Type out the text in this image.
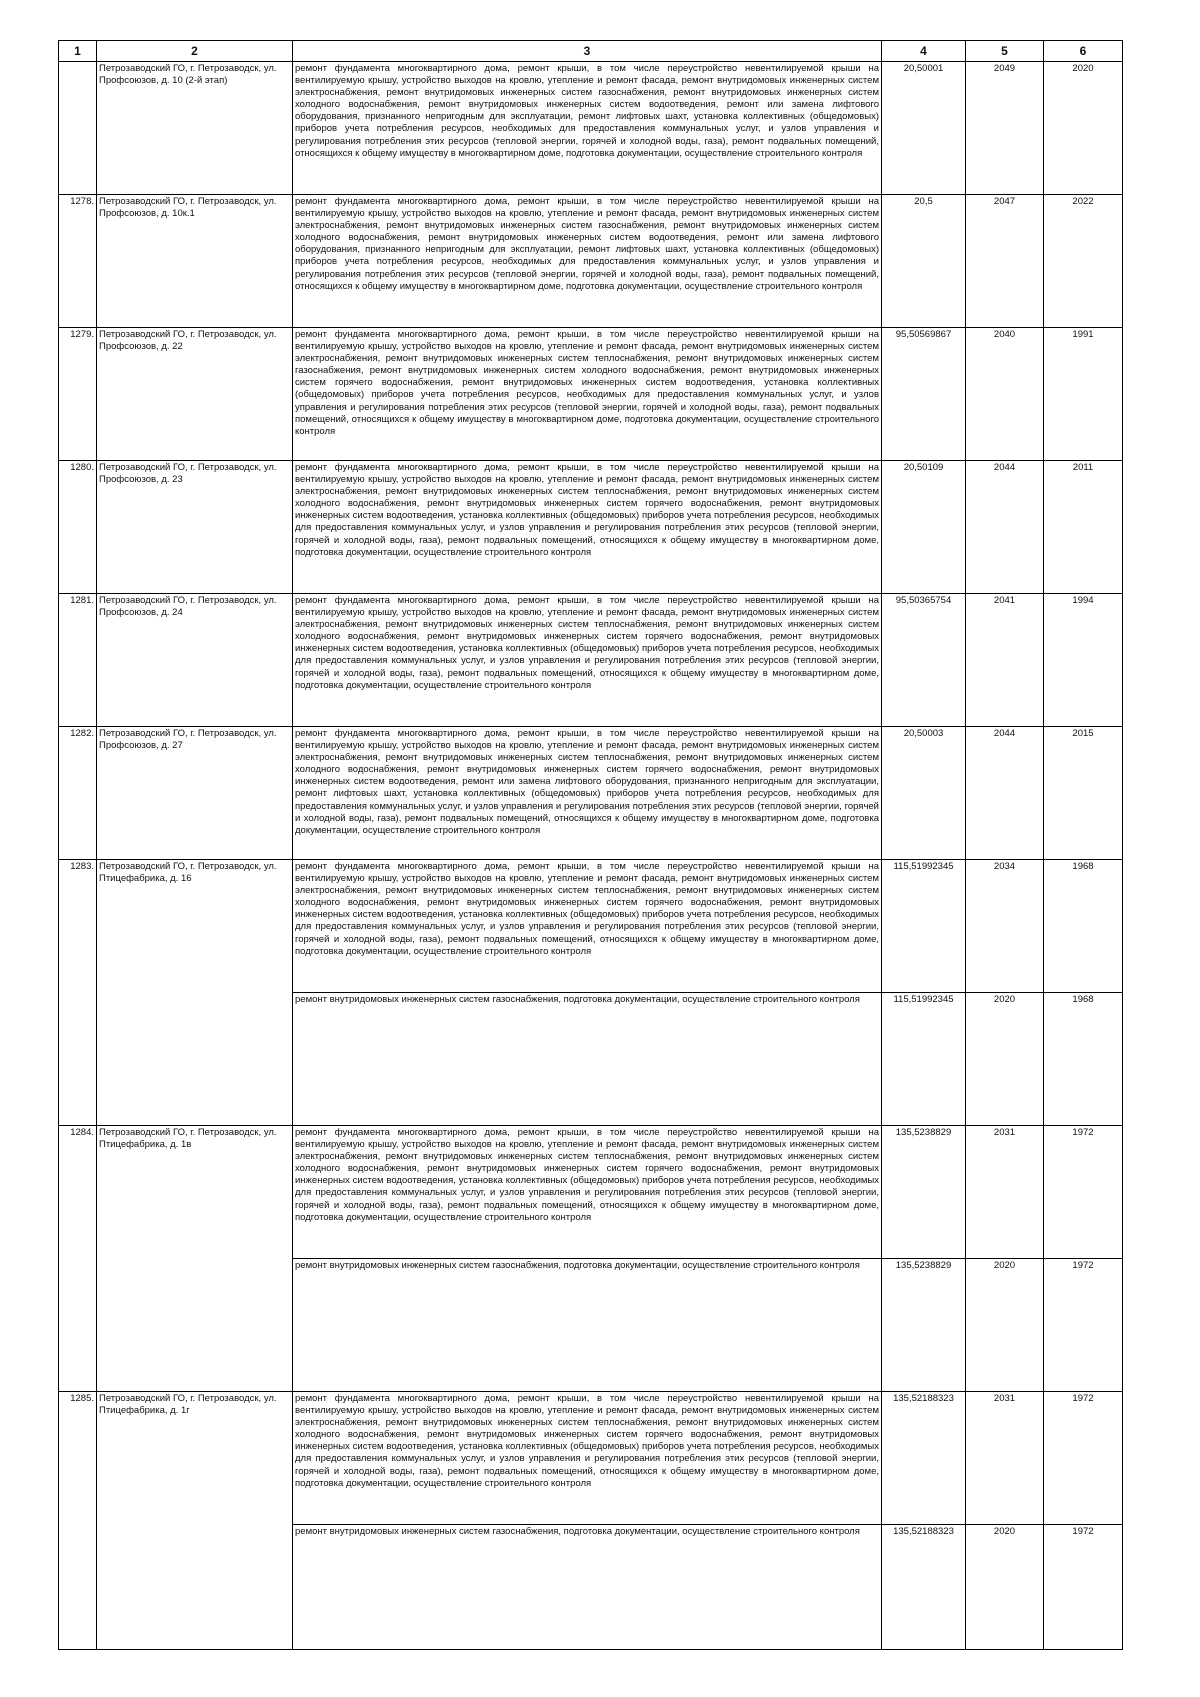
1	2	3	4	5	6
	Петрозаводский ГО, г. Петрозаводск, ул. Профсоюзов, д. 10 (2-й этап)	ремонт фундамента многоквартирного дома, ремонт крыши, в том числе переустройство невентилируемой крыши на вентилируемую крышу, устройство выходов на кровлю, утепление и ремонт фасада, ремонт внутридомовых инженерных систем электроснабжения, ремонт внутридомовых инженерных систем газоснабжения, ремонт внутридомовых инженерных систем холодного водоснабжения, ремонт внутридомовых инженерных систем водоотведения, ремонт или замена лифтового оборудования, признанного непригодным для эксплуатации, ремонт лифтовых шахт, установка коллективных (общедомовых) приборов учета потребления ресурсов, необходимых для предоставления коммунальных услуг, и узлов управления и регулирования потребления этих ресурсов (тепловой энергии, горячей и холодной воды, газа), ремонт подвальных помещений, относящихся к общему имуществу в многоквартирном доме, подготовка документации, осуществление строительного контроля	20,50001	2049	2020
1278.	Петрозаводский ГО, г. Петрозаводск, ул. Профсоюзов, д. 10к.1	ремонт фундамента многоквартирного дома, ремонт крыши, в том числе переустройство невентилируемой крыши на вентилируемую крышу, устройство выходов на кровлю, утепление и ремонт фасада, ремонт внутридомовых инженерных систем электроснабжения, ремонт внутридомовых инженерных систем газоснабжения, ремонт внутридомовых инженерных систем холодного водоснабжения, ремонт внутридомовых инженерных систем водоотведения, ремонт или замена лифтового оборудования, признанного непригодным для эксплуатации, ремонт лифтовых шахт, установка коллективных (общедомовых) приборов учета потребления ресурсов, необходимых для предоставления коммунальных услуг, и узлов управления и регулирования потребления этих ресурсов (тепловой энергии, горячей и холодной воды, газа), ремонт подвальных помещений, относящихся к общему имуществу в многоквартирном доме, подготовка документации, осуществление строительного контроля	20,5	2047	2022
1279.	Петрозаводский ГО, г. Петрозаводск, ул. Профсоюзов, д. 22	ремонт фундамента многоквартирного дома, ремонт крыши, в том числе переустройство невентилируемой крыши на вентилируемую крышу, устройство выходов на кровлю, утепление и ремонт фасада, ремонт внутридомовых инженерных систем электроснабжения, ремонт внутридомовых инженерных систем теплоснабжения, ремонт внутридомовых инженерных систем газоснабжения, ремонт внутридомовых инженерных систем холодного водоснабжения, ремонт внутридомовых инженерных систем горячего водоснабжения, ремонт внутридомовых инженерных систем водоотведения, установка коллективных (общедомовых) приборов учета потребления ресурсов, необходимых для предоставления коммунальных услуг, и узлов управления и регулирования потребления этих ресурсов (тепловой энергии, горячей и холодной воды, газа), ремонт подвальных помещений, относящихся к общему имуществу в многоквартирном доме, подготовка документации, осуществление строительного контроля	95,50569867	2040	1991
1280.	Петрозаводский ГО, г. Петрозаводск, ул. Профсоюзов, д. 23	ремонт фундамента многоквартирного дома, ремонт крыши, в том числе переустройство невентилируемой крыши на вентилируемую крышу, устройство выходов на кровлю, утепление и ремонт фасада, ремонт внутридомовых инженерных систем электроснабжения, ремонт внутридомовых инженерных систем теплоснабжения, ремонт внутридомовых инженерных систем холодного водоснабжения, ремонт внутридомовых инженерных систем горячего водоснабжения, ремонт внутридомовых инженерных систем водоотведения, установка коллективных (общедомовых) приборов учета потребления ресурсов, необходимых для предоставления коммунальных услуг, и узлов управления и регулирования потребления этих ресурсов (тепловой энергии, горячей и холодной воды, газа), ремонт подвальных помещений, относящихся к общему имуществу в многоквартирном доме, подготовка документации, осуществление строительного контроля	20,50109	2044	2011
1281.	Петрозаводский ГО, г. Петрозаводск, ул. Профсоюзов, д. 24	ремонт фундамента многоквартирного дома, ремонт крыши, в том числе переустройство невентилируемой крыши на вентилируемую крышу, устройство выходов на кровлю, утепление и ремонт фасада, ремонт внутридомовых инженерных систем электроснабжения, ремонт внутридомовых инженерных систем теплоснабжения, ремонт внутридомовых инженерных систем холодного водоснабжения, ремонт внутридомовых инженерных систем горячего водоснабжения, ремонт внутридомовых инженерных систем водоотведения, установка коллективных (общедомовых) приборов учета потребления ресурсов, необходимых для предоставления коммунальных услуг, и узлов управления и регулирования потребления этих ресурсов (тепловой энергии, горячей и холодной воды, газа), ремонт подвальных помещений, относящихся к общему имуществу в многоквартирном доме, подготовка документации, осуществление строительного контроля	95,50365754	2041	1994
1282.	Петрозаводский ГО, г. Петрозаводск, ул. Профсоюзов, д. 27	ремонт фундамента многоквартирного дома, ремонт крыши, в том числе переустройство невентилируемой крыши на вентилируемую крышу, устройство выходов на кровлю, утепление и ремонт фасада, ремонт внутридомовых инженерных систем электроснабжения, ремонт внутридомовых инженерных систем теплоснабжения, ремонт внутридомовых инженерных систем холодного водоснабжения, ремонт внутридомовых инженерных систем горячего водоснабжения, ремонт внутридомовых инженерных систем водоотведения, ремонт или замена лифтового оборудования, признанного непригодным для эксплуатации, ремонт лифтовых шахт, установка коллективных (общедомовых) приборов учета потребления ресурсов, необходимых для предоставления коммунальных услуг, и узлов управления и регулирования потребления этих ресурсов (тепловой энергии, горячей и холодной воды, газа), ремонт подвальных помещений, относящихся к общему имуществу в многоквартирном доме, подготовка документации, осуществление строительного контроля	20,50003	2044	2015
1283.	Петрозаводский ГО, г. Петрозаводск, ул. Птицефабрика, д. 16	ремонт фундамента многоквартирного дома, ремонт крыши, в том числе переустройство невентилируемой крыши на вентилируемую крышу, устройство выходов на кровлю, утепление и ремонт фасада, ремонт внутридомовых инженерных систем электроснабжения, ремонт внутридомовых инженерных систем теплоснабжения, ремонт внутридомовых инженерных систем холодного водоснабжения, ремонт внутридомовых инженерных систем горячего водоснабжения, ремонт внутридомовых инженерных систем водоотведения, установка коллективных (общедомовых) приборов учета потребления ресурсов, необходимых для предоставления коммунальных услуг, и узлов управления и регулирования потребления этих ресурсов (тепловой энергии, горячей и холодной воды, газа), ремонт подвальных помещений, относящихся к общему имуществу в многоквартирном доме, подготовка документации, осуществление строительного контроля	115,51992345	2034	1968
		ремонт внутридомовых инженерных систем газоснабжения, подготовка документации, осуществление строительного контроля	115,51992345	2020	1968
1284.	Петрозаводский ГО, г. Петрозаводск, ул. Птицефабрика, д. 1в	ремонт фундамента многоквартирного дома, ремонт крыши, в том числе переустройство невентилируемой крыши на вентилируемую крышу, устройство выходов на кровлю, утепление и ремонт фасада, ремонт внутридомовых инженерных систем электроснабжения, ремонт внутридомовых инженерных систем теплоснабжения, ремонт внутридомовых инженерных систем холодного водоснабжения, ремонт внутридомовых инженерных систем горячего водоснабжения, ремонт внутридомовых инженерных систем водоотведения, установка коллективных (общедомовых) приборов учета потребления ресурсов, необходимых для предоставления коммунальных услуг, и узлов управления и регулирования потребления этих ресурсов (тепловой энергии, горячей и холодной воды, газа), ремонт подвальных помещений, относящихся к общему имуществу в многоквартирном доме, подготовка документации, осуществление строительного контроля	135,5238829	2031	1972
		ремонт внутридомовых инженерных систем газоснабжения, подготовка документации, осуществление строительного контроля	135,5238829	2020	1972
1285.	Петрозаводский ГО, г. Петрозаводск, ул. Птицефабрика, д. 1г	ремонт фундамента многоквартирного дома, ремонт крыши, в том числе переустройство невентилируемой крыши на вентилируемую крышу, устройство выходов на кровлю, утепление и ремонт фасада, ремонт внутридомовых инженерных систем электроснабжения, ремонт внутридомовых инженерных систем теплоснабжения, ремонт внутридомовых инженерных систем холодного водоснабжения, ремонт внутридомовых инженерных систем горячего водоснабжения, ремонт внутридомовых инженерных систем водоотведения, установка коллективных (общедомовых) приборов учета потребления ресурсов, необходимых для предоставления коммунальных услуг, и узлов управления и регулирования потребления этих ресурсов (тепловой энергии, горячей и холодной воды, газа), ремонт подвальных помещений, относящихся к общему имуществу в многоквартирном доме, подготовка документации, осуществление строительного контроля	135,52188323	2031	1972
		ремонт внутридомовых инженерных систем газоснабжения, подготовка документации, осуществление строительного контроля	135,52188323	2020	1972
